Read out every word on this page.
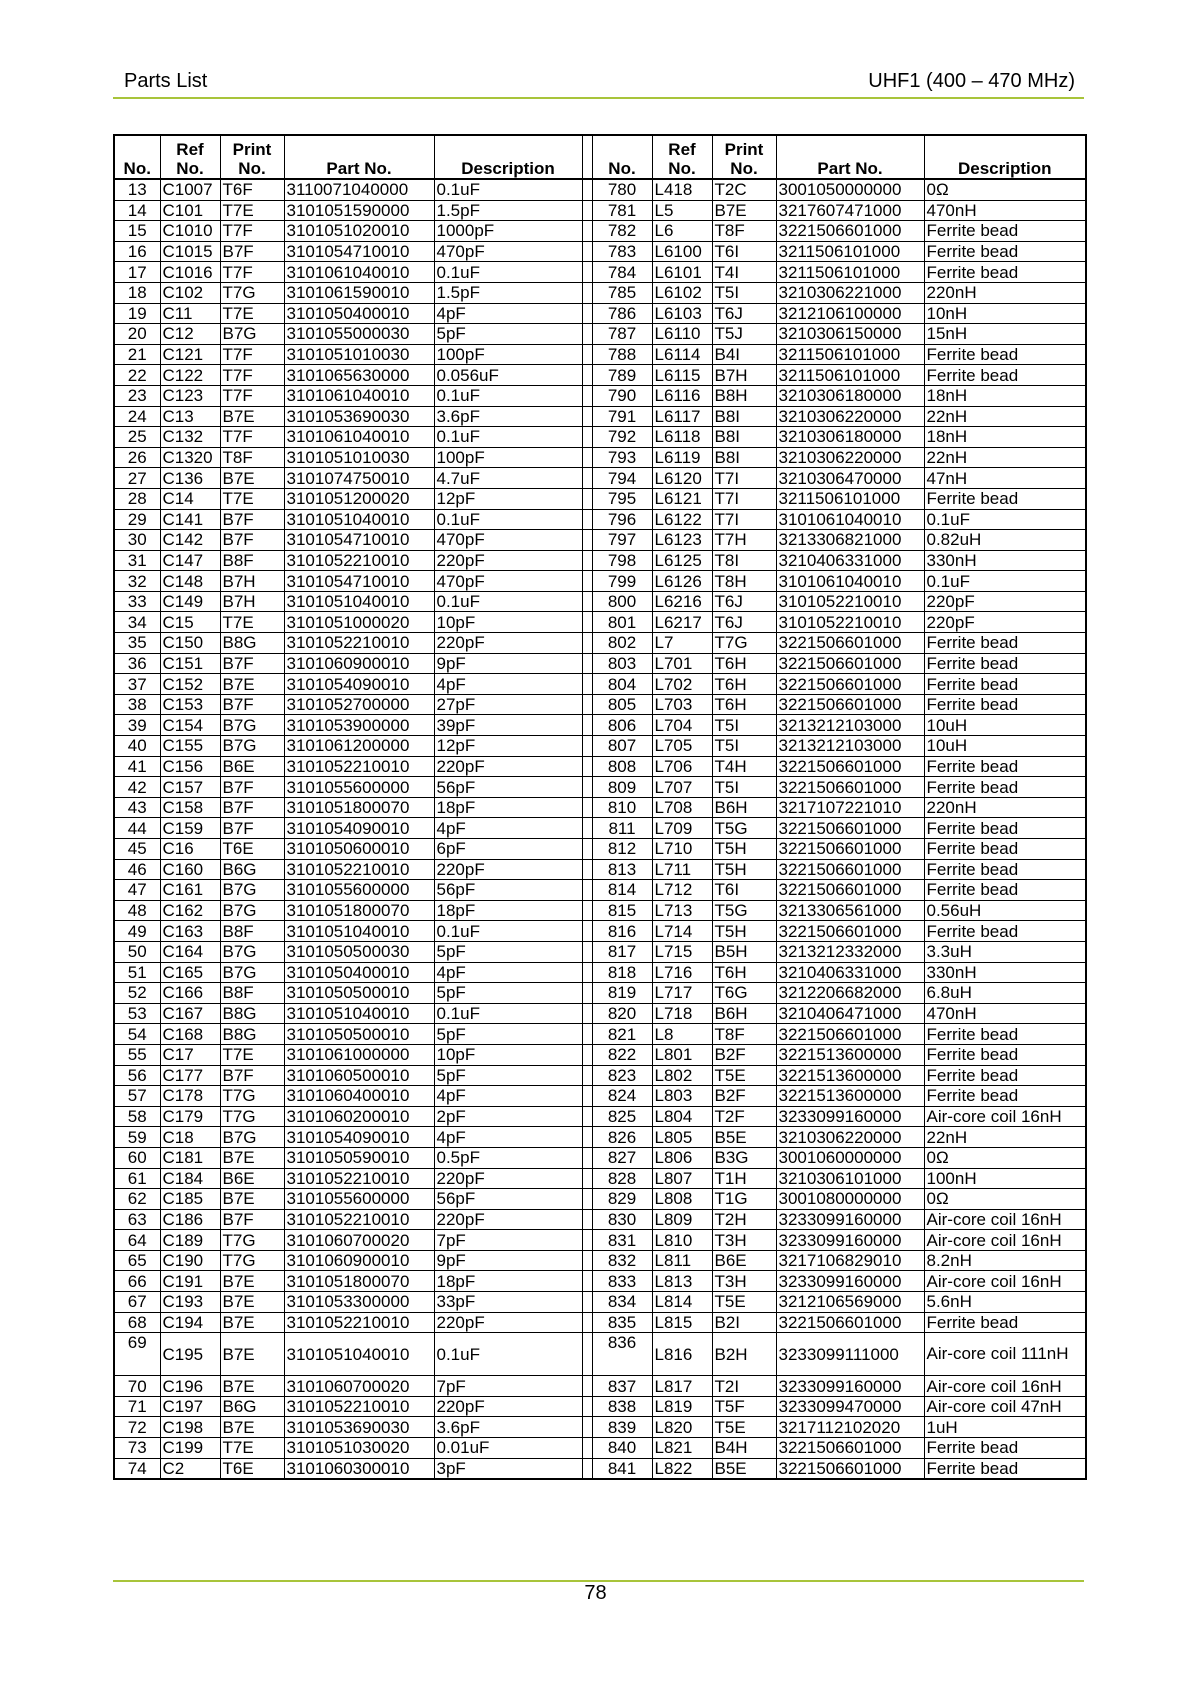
Parts List	UHF1 (400 – 470 MHz)
No.	Ref No.	Print No.	Part No.	Description		No.	Ref No.	Print No.	Part No.	Description
13	C1007	T6F	3110071040000	0.1uF		780	L418	T2C	3001050000000	0Ω
14	C101	T7E	3101051590000	1.5pF		781	L5	B7E	3217607471000	470nH
15	C1010	T7F	3101051020010	1000pF		782	L6	T8F	3221506601000	Ferrite bead
16	C1015	B7F	3101054710010	470pF		783	L6100	T6I	3211506101000	Ferrite bead
17	C1016	T7F	3101061040010	0.1uF		784	L6101	T4I	3211506101000	Ferrite bead
18	C102	T7G	3101061590010	1.5pF		785	L6102	T5I	3210306221000	220nH
19	C11	T7E	3101050400010	4pF		786	L6103	T6J	3212106100000	10nH
20	C12	B7G	3101055000030	5pF		787	L6110	T5J	3210306150000	15nH
21	C121	T7F	3101051010030	100pF		788	L6114	B4I	3211506101000	Ferrite bead
22	C122	T7F	3101065630000	0.056uF		789	L6115	B7H	3211506101000	Ferrite bead
23	C123	T7F	3101061040010	0.1uF		790	L6116	B8H	3210306180000	18nH
24	C13	B7E	3101053690030	3.6pF		791	L6117	B8I	3210306220000	22nH
25	C132	T7F	3101061040010	0.1uF		792	L6118	B8I	3210306180000	18nH
26	C1320	T8F	3101051010030	100pF		793	L6119	B8I	3210306220000	22nH
27	C136	B7E	3101074750010	4.7uF		794	L6120	T7I	3210306470000	47nH
28	C14	T7E	3101051200020	12pF		795	L6121	T7I	3211506101000	Ferrite bead
29	C141	B7F	3101051040010	0.1uF		796	L6122	T7I	3101061040010	0.1uF
30	C142	B7F	3101054710010	470pF		797	L6123	T7H	3213306821000	0.82uH
31	C147	B8F	3101052210010	220pF		798	L6125	T8I	3210406331000	330nH
32	C148	B7H	3101054710010	470pF		799	L6126	T8H	3101061040010	0.1uF
33	C149	B7H	3101051040010	0.1uF		800	L6216	T6J	3101052210010	220pF
34	C15	T7E	3101051000020	10pF		801	L6217	T6J	3101052210010	220pF
35	C150	B8G	3101052210010	220pF		802	L7	T7G	3221506601000	Ferrite bead
36	C151	B7F	3101060900010	9pF		803	L701	T6H	3221506601000	Ferrite bead
37	C152	B7E	3101054090010	4pF		804	L702	T6H	3221506601000	Ferrite bead
38	C153	B7F	3101052700000	27pF		805	L703	T6H	3221506601000	Ferrite bead
39	C154	B7G	3101053900000	39pF		806	L704	T5I	3213212103000	10uH
40	C155	B7G	3101061200000	12pF		807	L705	T5I	3213212103000	10uH
41	C156	B6E	3101052210010	220pF		808	L706	T4H	3221506601000	Ferrite bead
42	C157	B7F	3101055600000	56pF		809	L707	T5I	3221506601000	Ferrite bead
43	C158	B7F	3101051800070	18pF		810	L708	B6H	3217107221010	220nH
44	C159	B7F	3101054090010	4pF		811	L709	T5G	3221506601000	Ferrite bead
45	C16	T6E	3101050600010	6pF		812	L710	T5H	3221506601000	Ferrite bead
46	C160	B6G	3101052210010	220pF		813	L711	T5H	3221506601000	Ferrite bead
47	C161	B7G	3101055600000	56pF		814	L712	T6I	3221506601000	Ferrite bead
48	C162	B7G	3101051800070	18pF		815	L713	T5G	3213306561000	0.56uH
49	C163	B8F	3101051040010	0.1uF		816	L714	T5H	3221506601000	Ferrite bead
50	C164	B7G	3101050500030	5pF		817	L715	B5H	3213212332000	3.3uH
51	C165	B7G	3101050400010	4pF		818	L716	T6H	3210406331000	330nH
52	C166	B8F	3101050500010	5pF		819	L717	T6G	3212206682000	6.8uH
53	C167	B8G	3101051040010	0.1uF		820	L718	B6H	3210406471000	470nH
54	C168	B8G	3101050500010	5pF		821	L8	T8F	3221506601000	Ferrite bead
55	C17	T7E	3101061000000	10pF		822	L801	B2F	3221513600000	Ferrite bead
56	C177	B7F	3101060500010	5pF		823	L802	T5E	3221513600000	Ferrite bead
57	C178	T7G	3101060400010	4pF		824	L803	B2F	3221513600000	Ferrite bead
58	C179	T7G	3101060200010	2pF		825	L804	T2F	3233099160000	Air-core coil 16nH
59	C18	B7G	3101054090010	4pF		826	L805	B5E	3210306220000	22nH
60	C181	B7E	3101050590010	0.5pF		827	L806	B3G	3001060000000	0Ω
61	C184	B6E	3101052210010	220pF		828	L807	T1H	3210306101000	100nH
62	C185	B7E	3101055600000	56pF		829	L808	T1G	3001080000000	0Ω
63	C186	B7F	3101052210010	220pF		830	L809	T2H	3233099160000	Air-core coil 16nH
64	C189	T7G	3101060700020	7pF		831	L810	T3H	3233099160000	Air-core coil 16nH
65	C190	T7G	3101060900010	9pF		832	L811	B6E	3217106829010	8.2nH
66	C191	B7E	3101051800070	18pF		833	L813	T3H	3233099160000	Air-core coil 16nH
67	C193	B7E	3101053300000	33pF		834	L814	T5E	3212106569000	5.6nH
68	C194	B7E	3101052210010	220pF		835	L815	B2I	3221506601000	Ferrite bead
69	C195	B7E	3101051040010	0.1uF		836	L816	B2H	3233099111000	Air-core coil 111nH
70	C196	B7E	3101060700020	7pF		837	L817	T2I	3233099160000	Air-core coil 16nH
71	C197	B6G	3101052210010	220pF		838	L819	T5F	3233099470000	Air-core coil 47nH
72	C198	B7E	3101053690030	3.6pF		839	L820	T5E	3217112102020	1uH
73	C199	T7E	3101051030020	0.01uF		840	L821	B4H	3221506601000	Ferrite bead
74	C2	T6E	3101060300010	3pF		841	L822	B5E	3221506601000	Ferrite bead
78
